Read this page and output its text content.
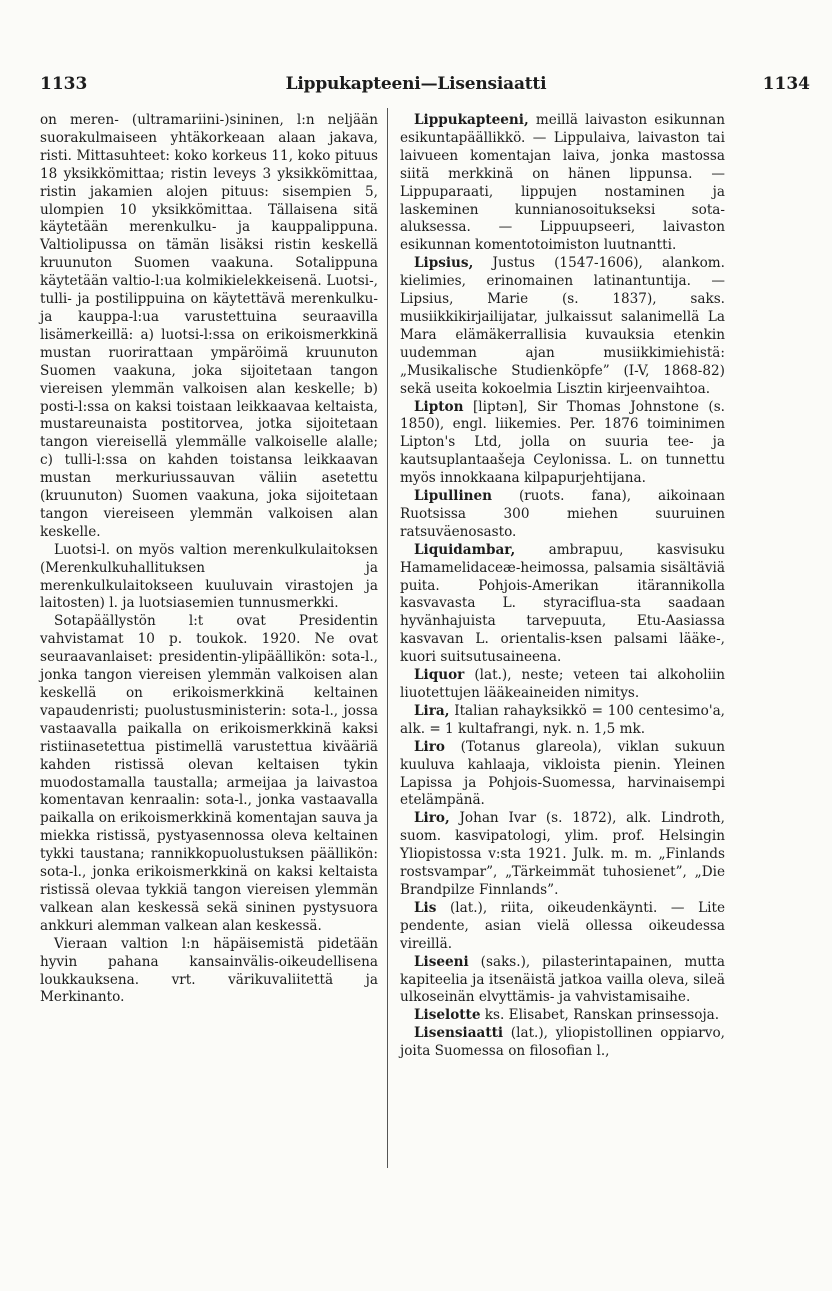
1133	Lippukapteeni—Lisensiaatti	1134

on meren- (ultramariini-)sininen, l:n neljään suorakulmaiseen yhtäkorkeaan alaan jakava, risti. Mittasuhteet: koko korkeus 11, koko pituus 18 yksikkömittaa; ristin leveys 3 yksikkömittaa, ristin jakamien alojen pituus: sisempien 5, ulompien 10 yksikkömittaa. Tällaisena sitä käytetään merenkulku- ja kauppalippuna. Valtiolipussa on tämän lisäksi ristin keskellä kruunuton Suomen vaakuna. Sotalippuna käytetään valtio-l:ua kolmikielekkeisenä. Luotsi-, tulli- ja postilippuina on käytettävä merenkulku- ja kauppa-l:ua varustettuina seuraavilla lisämerkeillä: a) luotsi-l:ssa on erikoismerkkinä mustan ruorirattaan ympäröimä kruunuton Suomen vaakuna, joka sijoitetaan tangon viereisen ylemmän valkoisen alan keskelle; b) posti-l:ssa on kaksi toistaan leikkaavaa keltaista, mustareunaista postitorvea, jotka sijoitetaan tangon viereisellä ylemmälle valkoiselle alalle; c) tulli-l:ssa on kahden toistansa leikkaavan mustan merkuriussauvan väliin asetettu (kruunuton) Suomen vaakuna, joka sijoitetaan tangon viereiseen ylemmän valkoisen alan keskelle.

Luotsi-l. on myös valtion merenkulkulaitoksen (Merenkulkuhallituksen ja merenkulkulaitokseen kuuluvain virastojen ja laitosten) l. ja luotsiasemien tunnusmerkki.

Sotapäällystön l:t ovat Presidentin vahvistamat 10 p. toukok. 1920. Ne ovat seuraavanlaiset: presidentin-ylipäällikön: sota-l., jonka tangon viereisen ylemmän valkoisen alan keskellä on erikoismerkkinä keltainen vapaudenristi; puolustusministerin: sota-l., jossa vastaavalla paikalla on erikoismerkkinä kaksi ristiinasetettua pistimellä varustettua kivääriä kahden ristissä olevan keltaisen tykin muodostamalla taustalla; armeijaa ja laivastoa komentavan kenraalin: sota-l., jonka vastaavalla paikalla on erikoismerkkinä komentajan sauva ja miekka ristissä, pystyasennossa oleva keltainen tykki taustana; rannikkopuolustuksen päällikön: sota-l., jonka erikoismerkkinä on kaksi keltaista ristissä olevaa tykkiä tangon viereisen ylemmän valkean alan keskessä sekä sininen pystysuora ankkuri alemman valkean alan keskessä.

Vieraan valtion l:n häpäisemistä pidetään hyvin pahana kansainvälis-oikeudellisena loukkauksena. vrt. värikuvaliitettä ja Merkinanto.

Lippukapteeni, meillä laivaston esikunnan esikuntapäällikkö. — Lippulaiva, laivaston tai laivueen komentajan laiva, jonka mastossa siitä merkkinä on hänen lippunsa. — Lippuparaati, lippujen nostaminen ja laskeminen kunnianosoitukseksi sota-aluksessa. — Lippuupseeri, laivaston esikunnan komentotoimiston luutnantti.

Lipsius, Justus (1547-1606), alankom. kielimies, erinomainen latinantuntija. — Lipsius, Marie (s. 1837), saks. musiikkikirjailijatar, julkaissut salanimellä La Mara elämäkerrallisia kuvauksia etenkin uudemman ajan musiikkimiehistä: „Musikalische Studienköpfe” (I-V, 1868-82) sekä useita kokoelmia Lisztin kirjeenvaihtoa.

Lipton [liptən], Sir Thomas Johnstone (s. 1850), engl. liikemies. Per. 1876 toiminimen Lipton's Ltd, jolla on suuria tee- ja kautsuplantaašeja Ceylonissa. L. on tunnettu myös innokkaana kilpapurjehtijana.

Lipullinen (ruots. fana), aikoinaan Ruotsissa 300 miehen suuruinen ratsuväenosasto.

Liquidambar, ambrapuu, kasvisuku Hamamelidaceæ-heimossa, palsamia sisältäviä puita. Pohjois-Amerikan itärannikolla kasvavasta L. styraciflua-sta saadaan hyvänhajuista tarvepuuta, Etu-Aasiassa kasvavan L. orientalis-ksen palsami lääke-, kuori suitsutusaineena.

Liquor (lat.), neste; veteen tai alkoholiin liuotettujen lääkeaineiden nimitys.

Lira, Italian rahayksikkö = 100 centesimo'a, alk. = 1 kultafrangi, nyk. n. 1,5 mk.

Liro (Totanus glareola), viklan sukuun kuuluva kahlaaja, vikloista pienin. Yleinen Lapissa ja Pohjois-Suomessa, harvinaisempi etelämpänä.

Liro, Johan Ivar (s. 1872), alk. Lindroth, suom. kasvipatologi, ylim. prof. Helsingin Yliopistossa v:sta 1921. Julk. m. m. „Finlands rostsvampar”, „Tärkeimmät tuhosienet”, „Die Brandpilze Finnlands”.

Lis (lat.), riita, oikeudenkäynti. — Lite pendente, asian vielä ollessa oikeudessa vireillä.

Liseeni (saks.), pilasterintapainen, mutta kapiteelia ja itsenäistä jatkoa vailla oleva, sileä ulkoseinän elvyttämis- ja vahvistamisaihe.

Liselotte ks. Elisabet, Ranskan prinsessoja.

Lisensiaatti (lat.), yliopistollinen oppiarvo, joita Suomessa on filosofian l.,
